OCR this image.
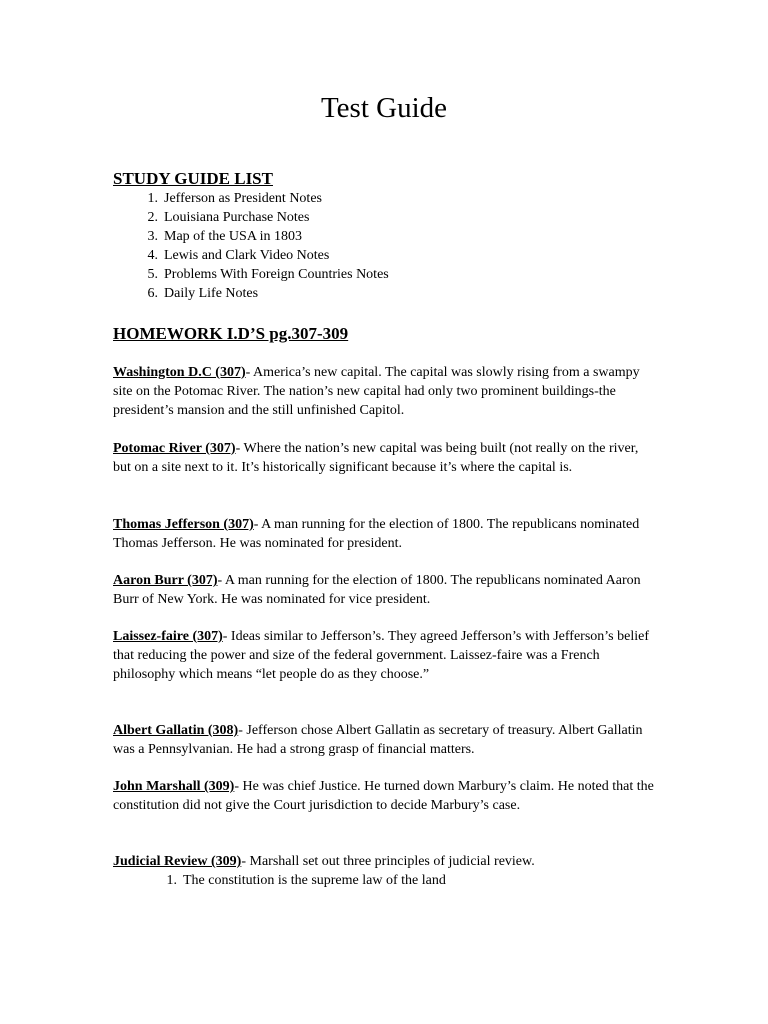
Test Guide
STUDY GUIDE LIST
1. Jefferson as President Notes
2. Louisiana Purchase Notes
3. Map of the USA in 1803
4. Lewis and Clark Video Notes
5. Problems With Foreign Countries Notes
6. Daily Life Notes
HOMEWORK I.D’S pg.307-309

Washington D.C (307)- America’s new capital. The capital was slowly rising from a swampy site on the Potomac River. The nation’s new capital had only two prominent buildings-the president’s mansion and the still unfinished Capitol.

Potomac River (307)- Where the nation’s new capital was being built (not really on the river, but on a site next to it. It’s historically significant because it’s where the capital is.

Thomas Jefferson (307)- A man running for the election of 1800. The republicans nominated Thomas Jefferson. He was nominated for president.

Aaron Burr (307)- A man running for the election of 1800. The republicans nominated Aaron Burr of New York. He was nominated for vice president.

Laissez-faire (307)- Ideas similar to Jefferson’s. They agreed Jefferson’s with Jefferson’s belief that reducing the power and size of the federal government. Laissez-faire was a French philosophy which means “let people do as they choose.”

Albert Gallatin (308)- Jefferson chose Albert Gallatin as secretary of treasury. Albert Gallatin was a Pennsylvanian. He had a strong grasp of financial matters.

John Marshall (309)- He was chief Justice. He turned down Marbury’s claim. He noted that the constitution did not give the Court jurisdiction to decide Marbury’s case.

Judicial Review (309)- Marshall set out three principles of judicial review.

1. The constitution is the supreme law of the land
